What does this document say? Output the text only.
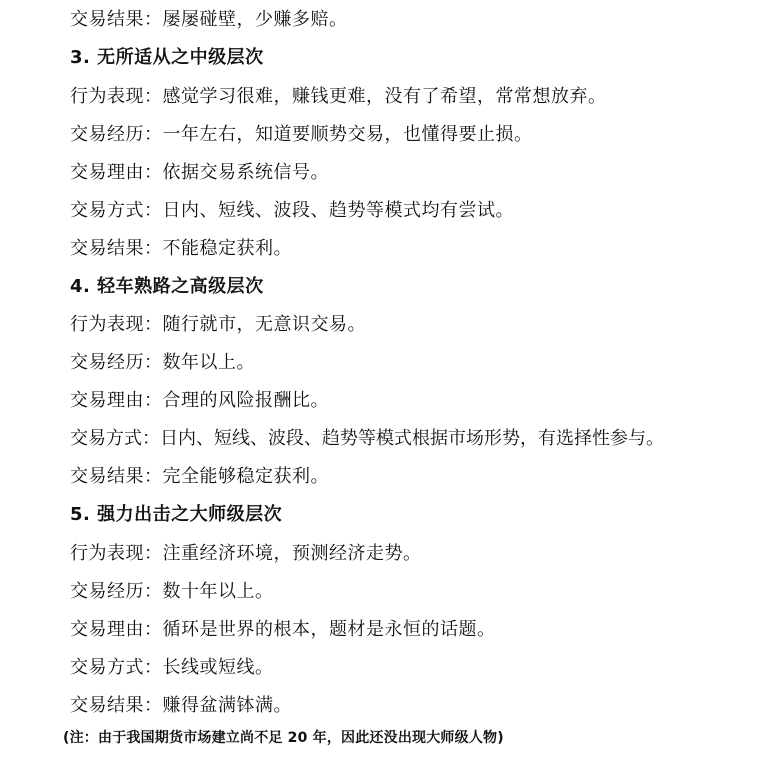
交易结果：屡屡碰壁，少赚多赔。
3. 无所适从之中级层次
行为表现：感觉学习很难，赚钱更难，没有了希望，常常想放弃。
交易经历：一年左右，知道要顺势交易，也懂得要止损。
交易理由：依据交易系统信号。
交易方式：日内、短线、波段、趋势等模式均有尝试。
交易结果：不能稳定获利。
4. 轻车熟路之高级层次
行为表现：随行就市，无意识交易。
交易经历：数年以上。
交易理由：合理的风险报酬比。
交易方式：日内、短线、波段、趋势等模式根据市场形势，有选择性参与。
交易结果：完全能够稳定获利。
5. 强力出击之大师级层次
行为表现：注重经济环境，预测经济走势。
交易经历：数十年以上。
交易理由：循环是世界的根本，题材是永恒的话题。
交易方式：长线或短线。
交易结果：赚得盆满钵满。
(注：由于我国期货市场建立尚不足 20 年，因此还没出现大师级人物)
